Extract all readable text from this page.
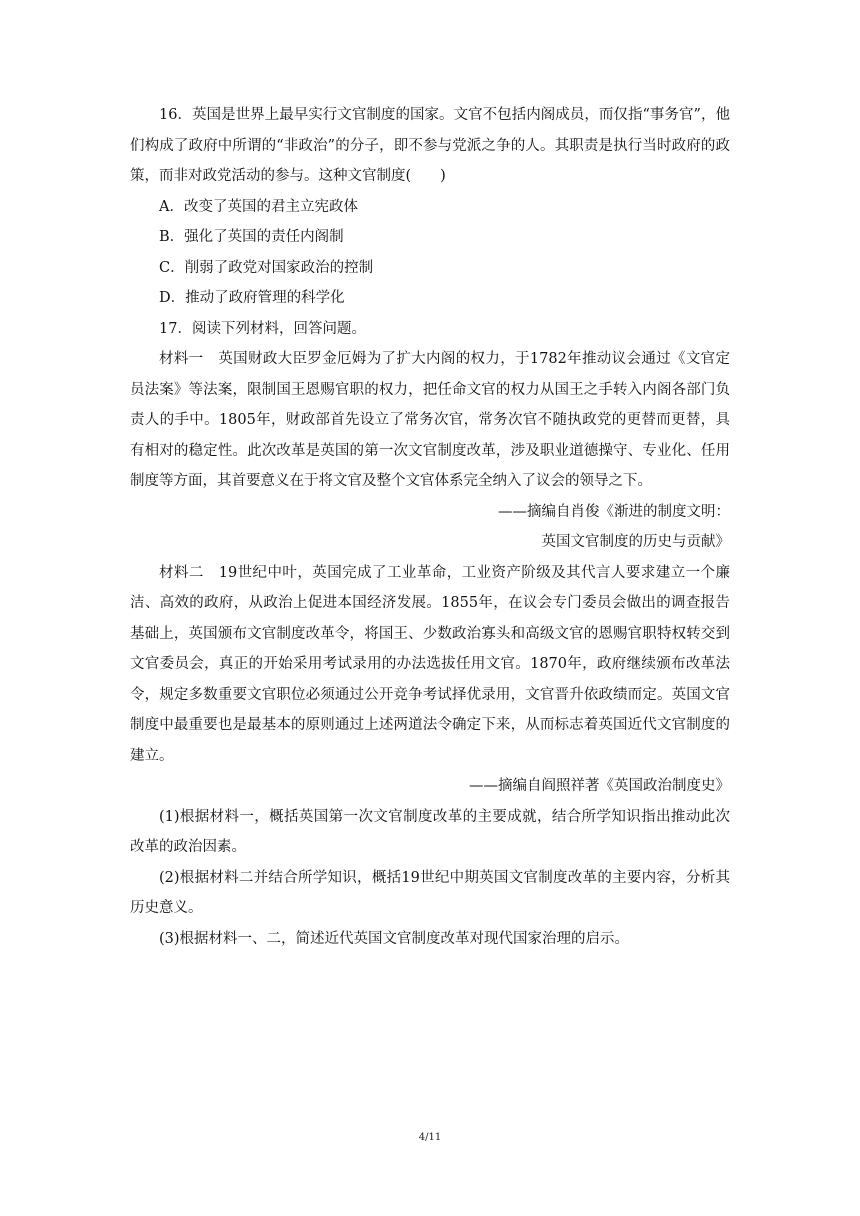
16．英国是世界上最早实行文官制度的国家。文官不包括内阁成员，而仅指“事务官”，他们构成了政府中所谓的“非政治”的分子，即不参与党派之争的人。其职责是执行当时政府的政策，而非对政党活动的参与。这种文官制度(　　)

A．改变了英国的君主立宪政体

B．强化了英国的责任内阁制

C．削弱了政党对国家政治的控制

D．推动了政府管理的科学化

17．阅读下列材料，回答问题。

材料一　英国财政大臣罗金厄姆为了扩大内阁的权力，于1782年推动议会通过《文官定员法案》等法案，限制国王恩赐官职的权力，把任命文官的权力从国王之手转入内阁各部门负责人的手中。1805年，财政部首先设立了常务次官，常务次官不随执政党的更替而更替，具有相对的稳定性。此次改革是英国的第一次文官制度改革，涉及职业道德操守、专业化、任用制度等方面，其首要意义在于将文官及整个文官体系完全纳入了议会的领导之下。

——摘编自肖俊《渐进的制度文明：
英国文官制度的历史与贡献》

材料二　19世纪中叶，英国完成了工业革命，工业资产阶级及其代言人要求建立一个廉洁、高效的政府，从政治上促进本国经济发展。1855年，在议会专门委员会做出的调查报告基础上，英国颁布文官制度改革令，将国王、少数政治寡头和高级文官的恩赐官职特权转交到文官委员会，真正的开始采用考试录用的办法选拔任用文官。1870年，政府继续颁布改革法令，规定多数重要文官职位必须通过公开竞争考试择优录用，文官晋升依政绩而定。英国文官制度中最重要也是最基本的原则通过上述两道法令确定下来，从而标志着英国近代文官制度的建立。

——摘编自阎照祥著《英国政治制度史》

(1)根据材料一，概括英国第一次文官制度改革的主要成就，结合所学知识指出推动此次改革的政治因素。

(2)根据材料二并结合所学知识，概括19世纪中期英国文官制度改革的主要内容，分析其历史意义。

(3)根据材料一、二，简述近代英国文官制度改革对现代国家治理的启示。

4/11
